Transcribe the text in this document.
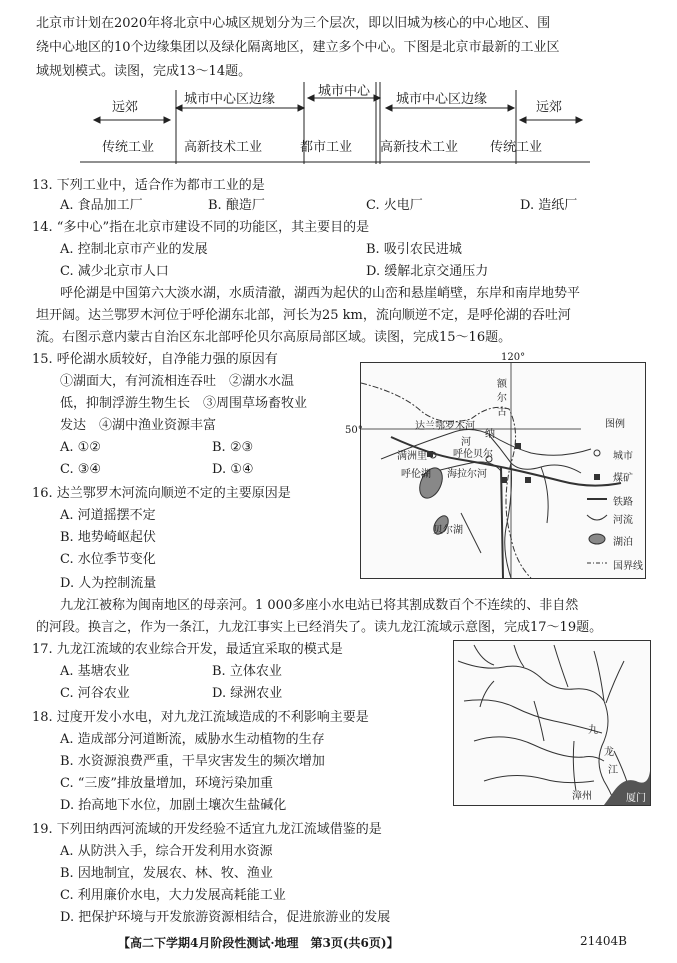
北京市计划在2020年将北京中心城区规划分为三个层次，即以旧城为核心的中心地区、围
绕中心地区的10个边缘集团以及绿化隔离地区，建立多个中心。下图是北京市最新的工业区
域规划模式。读图，完成13～14题。
远郊
城市中心区边缘
城市中心
城市中心区边缘
远郊
传统工业 高新技术工业	都市工业 高新技术工业 传统工业
13. 下列工业中，适合作为都市工业的是
A. 食品加工厂	B. 酿造厂	C. 火电厂	D. 造纸厂
14. “多中心”指在北京市建设不同的功能区，其主要目的是
A. 控制北京市产业的发展	B. 吸引农民进城
C. 减少北京市人口	D. 缓解北京交通压力
呼伦湖是中国第六大淡水湖，水质清澈，湖西为起伏的山峦和悬崖峭壁，东岸和南岸地势平
坦开阔。达兰鄂罗木河位于呼伦湖东北部，河长为25 km，流向顺逆不定，是呼伦湖的吞吐河
流。右图示意内蒙古自治区东北部呼伦贝尔高原局部区域。读图，完成15～16题。
15. 呼伦湖水质较好，自净能力强的原因有
①湖面大，有河流相连吞吐　②湖水水温
低，抑制浮游生物生长　③周围草场畜牧业
发达　④湖中渔业资源丰富
A. ①②	B. ②③
C. ③④	D. ①④
16. 达兰鄂罗木河流向顺逆不定的主要原因是
A. 河道摇摆不定
B. 地势崎岖起伏
C. 水位季节变化
D. 人为控制流量
120°
50°	达兰鄂罗木河
满洲里
呼伦湖
呼伦贝尔
海拉尔河
贝尔湖
河
纳
额
尔
古
图例
城市
煤矿
铁路
河流
湖泊
国界线
九龙江被称为闽南地区的母亲河。1 000多座小水电站已将其割成数百个不连续的、非自然
的河段。换言之，作为一条江，九龙江事实上已经消失了。读九龙江流域示意图，完成17～19题。
17. 九龙江流域的农业综合开发，最适宜采取的模式是
A. 基塘农业	B. 立体农业
C. 河谷农业	D. 绿洲农业
18. 过度开发小水电，对九龙江流域造成的不利影响主要是
A. 造成部分河道断流，威胁水生动植物的生存
B. 水资源浪费严重，干旱灾害发生的频次增加
C. “三废”排放量增加，环境污染加重
D. 抬高地下水位，加剧土壤次生盐碱化
19. 下列田纳西河流域的开发经验不适宜九龙江流域借鉴的是
A. 从防洪入手，综合开发利用水资源
B. 因地制宜，发展农、林、牧、渔业
C. 利用廉价水电，大力发展高耗能工业
D. 把保护环境与开发旅游资源相结合，促进旅游业的发展
九
龙
江
漳州	厦门
【高二下学期4月阶段性测试·地理　第3页(共6页)】	21404B
